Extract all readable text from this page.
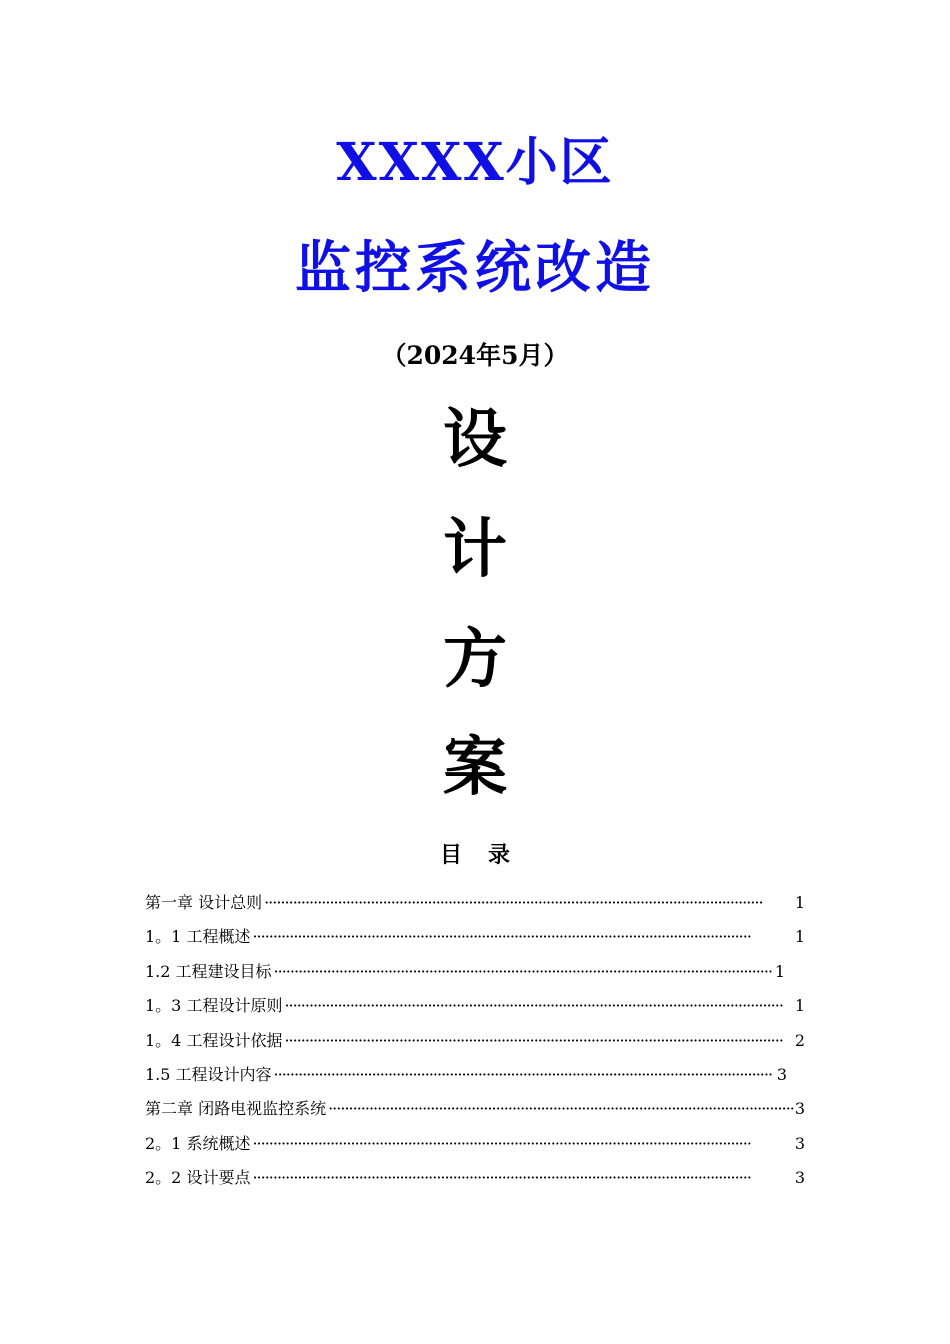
XXXX小区
监控系统改造
（2024年5月）
设
计
方
案
目录
第一章 设计总则 ·····	1
1。1 工程概述 ·····	1
1.2 工程建设目标 ·····	1
1。3 工程设计原则 ·····	1
1。4 工程设计依据 ·····	2
1.5 工程设计内容 ·····	3
第二章 闭路电视监控系统 ·····	3
2。1 系统概述 ·····	3
2。2 设计要点 ·····	3
